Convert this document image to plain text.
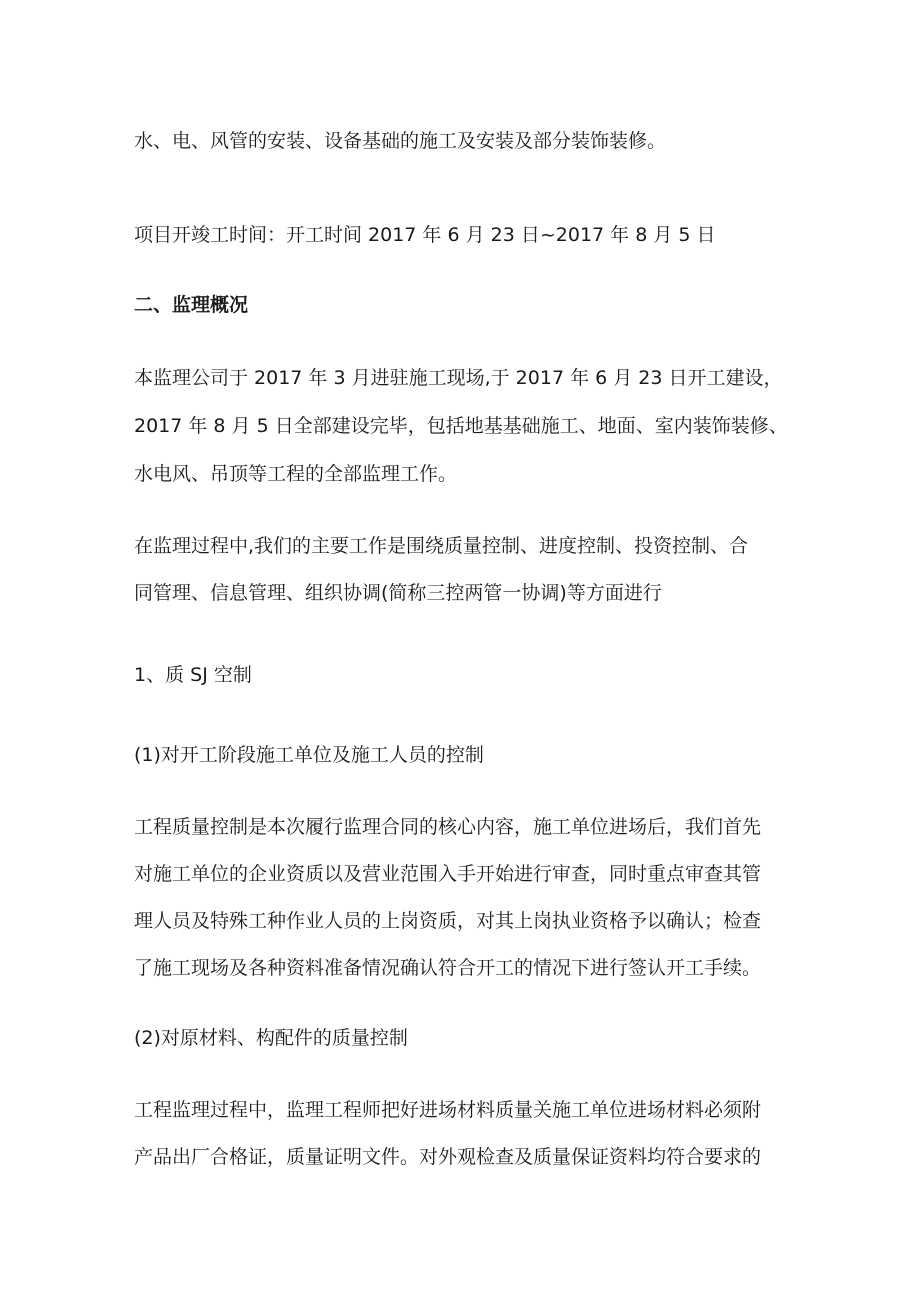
水、电、风管的安装、设备基础的施工及安装及部分装饰装修。
项目开竣工时间：开工时间 2017 年 6 月 23 日~2017 年 8 月 5 日
二、监理概况
本监理公司于 2017 年 3 月进驻施工现场,于 2017 年 6 月 23 日开工建设，
2017 年 8 月 5 日全部建设完毕，包括地基基础施工、地面、室内装饰装修、
水电风、吊顶等工程的全部监理工作。
在监理过程中,我们的主要工作是围绕质量控制、进度控制、投资控制、合
同管理、信息管理、组织协调(简称三控两管一协调)等方面进行
1、质 SJ 空制
(1)对开工阶段施工单位及施工人员的控制
工程质量控制是本次履行监理合同的核心内容，施工单位进场后，我们首先
对施工单位的企业资质以及营业范围入手开始进行审查，同时重点审查其管
理人员及特殊工种作业人员的上岗资质，对其上岗执业资格予以确认；检查
了施工现场及各种资料准备情况确认符合开工的情况下进行签认开工手续。
(2)对原材料、构配件的质量控制
工程监理过程中，监理工程师把好进场材料质量关施工单位进场材料必须附
产品出厂合格证，质量证明文件。对外观检查及质量保证资料均符合要求的
